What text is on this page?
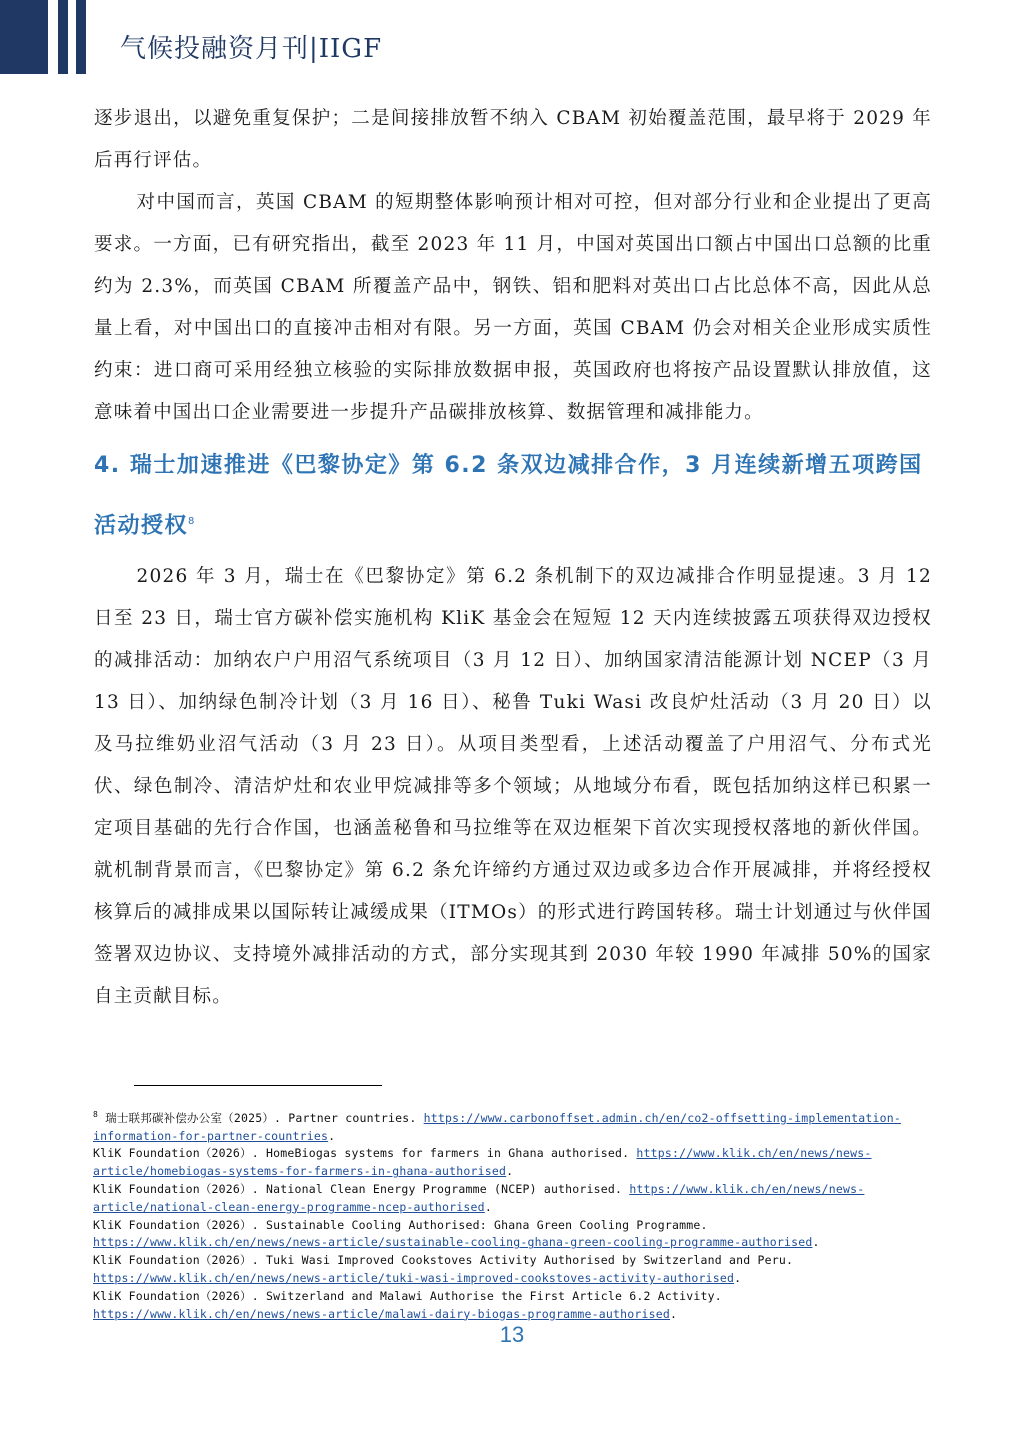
气候投融资月刊|IIGF

逐步退出，以避免重复保护；二是间接排放暂不纳入 CBAM 初始覆盖范围，最早将于 2029 年后再行评估。

对中国而言，英国 CBAM 的短期整体影响预计相对可控，但对部分行业和企业提出了更高要求。一方面，已有研究指出，截至 2023 年 11 月，中国对英国出口额占中国出口总额的比重约为 2.3%，而英国 CBAM 所覆盖产品中，钢铁、铝和肥料对英出口占比总体不高，因此从总量上看，对中国出口的直接冲击相对有限。另一方面，英国 CBAM 仍会对相关企业形成实质性约束：进口商可采用经独立核验的实际排放数据申报，英国政府也将按产品设置默认排放值，这意味着中国出口企业需要进一步提升产品碳排放核算、数据管理和减排能力。

4. 瑞士加速推进《巴黎协定》第 6.2 条双边减排合作，3 月连续新增五项跨国活动授权$^8$

2026 年 3 月，瑞士在《巴黎协定》第 6.2 条机制下的双边减排合作明显提速。3 月 12 日至 23 日，瑞士官方碳补偿实施机构 KliK 基金会在短短 12 天内连续披露五项获得双边授权的减排活动：加纳农户户用沼气系统项目（3 月 12 日）、加纳国家清洁能源计划 NCEP（3 月 13 日）、加纳绿色制冷计划（3 月 16 日）、秘鲁 Tuki Wasi 改良炉灶活动（3 月 20 日）以及马拉维奶业沼气活动（3 月 23 日）。从项目类型看，上述活动覆盖了户用沼气、分布式光伏、绿色制冷、清洁炉灶和农业甲烷减排等多个领域；从地域分布看，既包括加纳这样已积累一定项目基础的先行合作国，也涵盖秘鲁和马拉维等在双边框架下首次实现授权落地的新伙伴国。就机制背景而言，《巴黎协定》第 6.2 条允许缔约方通过双边或多边合作开展减排，并将经授权核算后的减排成果以国际转让减缓成果（ITMOs）的形式进行跨国转移。瑞士计划通过与伙伴国签署双边协议、支持境外减排活动的方式，部分实现其到 2030 年较 1990 年减排 50%的国家自主贡献目标。

$^8$ 瑞士联邦碳补偿办公室（2025）. Partner countries. https://www.carbonoffset.admin.ch/en/co2-offsetting-implementation-information-for-partner-countries.
KliK Foundation（2026）. HomeBiogas systems for farmers in Ghana authorised. https://www.klik.ch/en/news/news-article/homebiogas-systems-for-farmers-in-ghana-authorised.
KliK Foundation（2026）. National Clean Energy Programme (NCEP) authorised. https://www.klik.ch/en/news/news-article/national-clean-energy-programme-ncep-authorised.
KliK Foundation（2026）. Sustainable Cooling Authorised: Ghana Green Cooling Programme. https://www.klik.ch/en/news/news-article/sustainable-cooling-ghana-green-cooling-programme-authorised.
KliK Foundation（2026）. Tuki Wasi Improved Cookstoves Activity Authorised by Switzerland and Peru. https://www.klik.ch/en/news/news-article/tuki-wasi-improved-cookstoves-activity-authorised.
KliK Foundation（2026）. Switzerland and Malawi Authorise the First Article 6.2 Activity. https://www.klik.ch/en/news/news-article/malawi-dairy-biogas-programme-authorised.
13
